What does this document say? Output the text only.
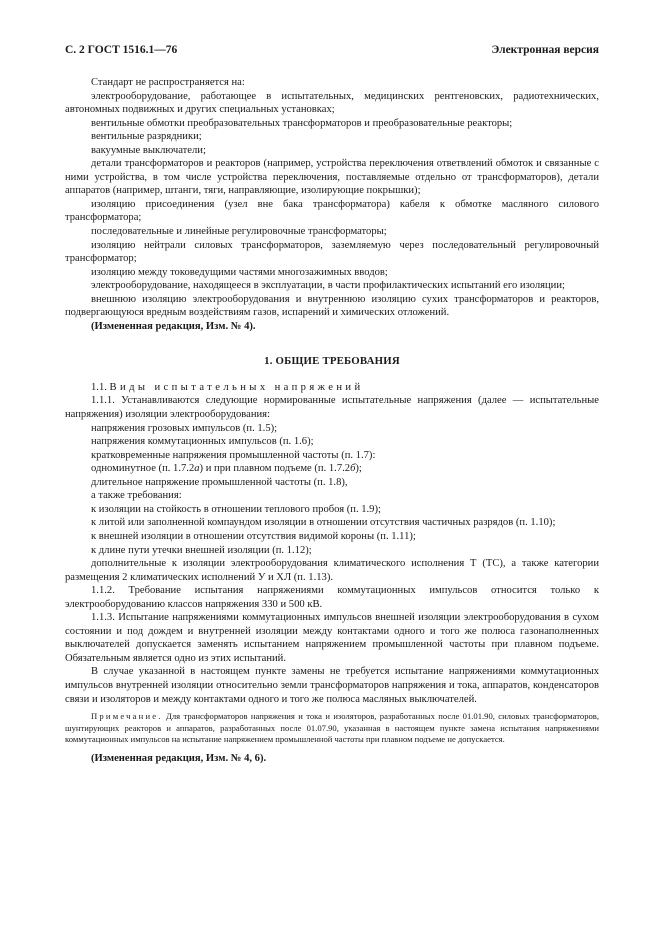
С. 2 ГОСТ 1516.1—76	Электронная версия

Стандарт не распространяется на:

электрооборудование, работающее в испытательных, медицинских рентгеновских, радиотехнических, автономных подвижных и других специальных установках;

вентильные обмотки преобразовательных трансформаторов и преобразовательные реакторы;

вентильные разрядники;

вакуумные выключатели;

детали трансформаторов и реакторов (например, устройства переключения ответвлений обмоток и связанные с ними устройства, в том числе устройства переключения, поставляемые отдельно от трансформаторов), детали аппаратов (например, штанги, тяги, направляющие, изолирующие покрышки);

изоляцию присоединения (узел вне бака трансформатора) кабеля к обмотке масляного силового трансформатора;

последовательные и линейные регулировочные трансформаторы;

изоляцию нейтрали силовых трансформаторов, заземляемую через последовательный регулировочный трансформатор;

изоляцию между токоведущими частями многозажимных вводов;

электрооборудование, находящееся в эксплуатации, в части профилактических испытаний его изоляции;

внешнюю изоляцию электрооборудования и внутреннюю изоляцию сухих трансформаторов и реакторов, подвергающуюся вредным воздействиям газов, испарений и химических отложений.

(Измененная редакция, Изм. № 4).

1. ОБЩИЕ ТРЕБОВАНИЯ

1.1. Виды испытательных напряжений

1.1.1. Устанавливаются следующие нормированные испытательные напряжения (далее — испытательные напряжения) изоляции электрооборудования:

напряжения грозовых импульсов (п. 1.5);

напряжения коммутационных импульсов (п. 1.6);

кратковременные напряжения промышленной частоты (п. 1.7):

одноминутное (п. 1.7.2a) и при плавном подъеме (п. 1.7.2б);

длительное напряжение промышленной частоты (п. 1.8),

а также требования:

к изоляции на стойкость в отношении теплового пробоя (п. 1.9);

к литой или заполненной компаундом изоляции в отношении отсутствия частичных разрядов (п. 1.10);

к внешней изоляции в отношении отсутствия видимой короны (п. 1.11);

к длине пути утечки внешней изоляции (п. 1.12);

дополнительные к изоляции электрооборудования климатического исполнения Т (ТС), а также категории размещения 2 климатических исполнений У и ХЛ (п. 1.13).

1.1.2. Требование испытания напряжениями коммутационных импульсов относится только к электрооборудованию классов напряжения 330 и 500 кВ.

1.1.3. Испытание напряжениями коммутационных импульсов внешней изоляции электрооборудования в сухом состоянии и под дождем и внутренней изоляции между контактами одного и того же полюса газонаполненных выключателей допускается заменять испытанием напряжением промышленной частоты при плавном подъеме. Обязательным является одно из этих испытаний.

В случае указанной в настоящем пункте замены не требуется испытание напряжениями коммутационных импульсов внутренней изоляции относительно земли трансформаторов напряжения и тока, аппаратов, конденсаторов связи и изоляторов и между контактами одного и того же полюса масляных выключателей.

Примечание. Для трансформаторов напряжения и тока и изоляторов, разработанных после 01.01.90, силовых трансформаторов, шунтирующих реакторов и аппаратов, разработанных после 01.07.90, указанная в настоящем пункте замена испытания напряжениями коммутационных импульсов на испытание напряжением промышленной частоты при плавном подъеме не допускается.

(Измененная редакция, Изм. № 4, 6).
